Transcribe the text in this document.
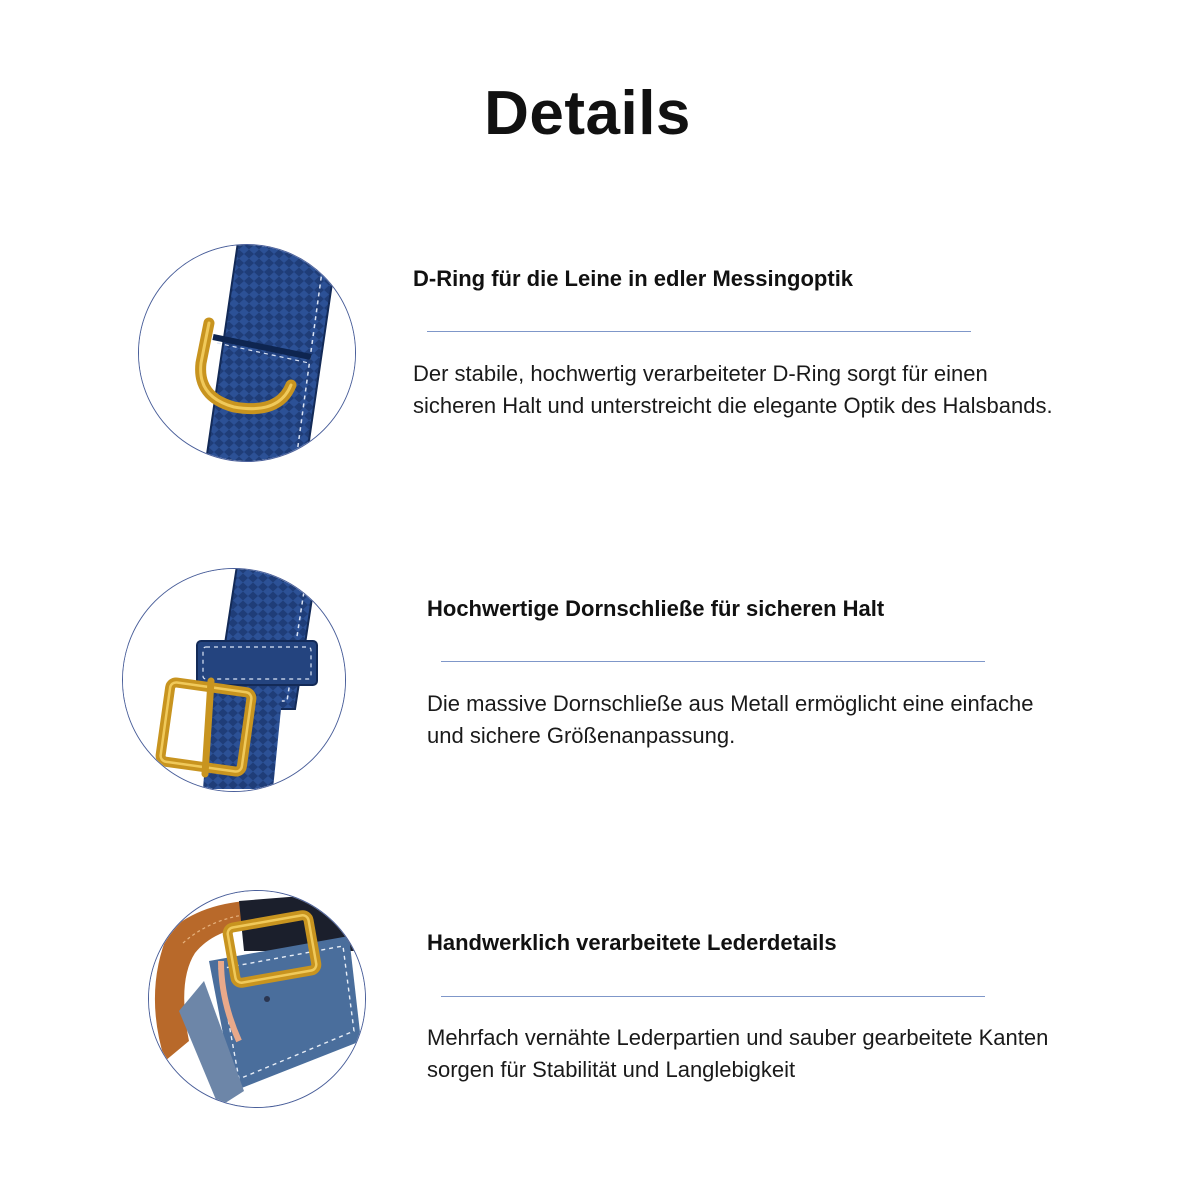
Details
D-Ring für die Leine in edler Messingoptik
Der stabile, hochwertig verarbeiteter D-Ring sorgt für einen
sicheren Halt und unterstreicht die elegante Optik des Halsbands.
Hochwertige Dornschließe für sicheren Halt
Die massive Dornschließe aus Metall ermöglicht eine einfache
und sichere Größenanpassung.
Handwerklich verarbeitete Lederdetails
Mehrfach vernähte Lederpartien und sauber gearbeitete Kanten
sorgen für Stabilität und Langlebigkeit
